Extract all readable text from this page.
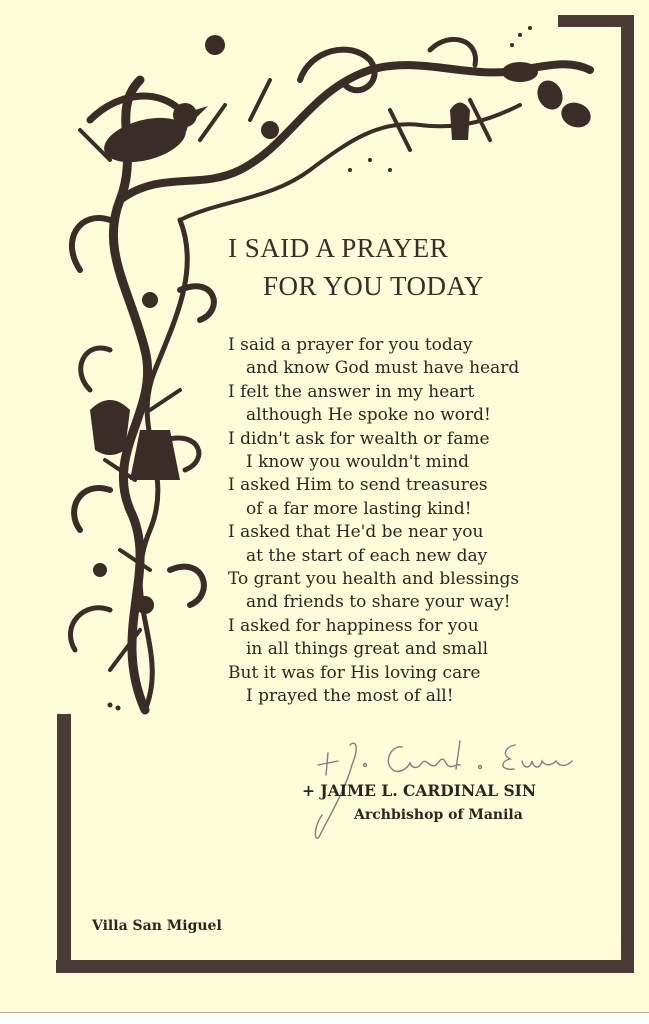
I SAID A PRAYER
FOR YOU TODAY
I said a prayer for you today
and know God must have heard
I felt the answer in my heart
although He spoke no word!
I didn't ask for wealth or fame
I know you wouldn't mind
I asked Him to send treasures
of a far more lasting kind!
I asked that He'd be near you
at the start of each new day
To grant you health and blessings
and friends to share your way!
I asked for happiness for you
in all things great and small
But it was for His loving care
I prayed the most of all!
+ JAIME L. CARDINAL SIN
Archbishop of Manila
Villa San Miguel
